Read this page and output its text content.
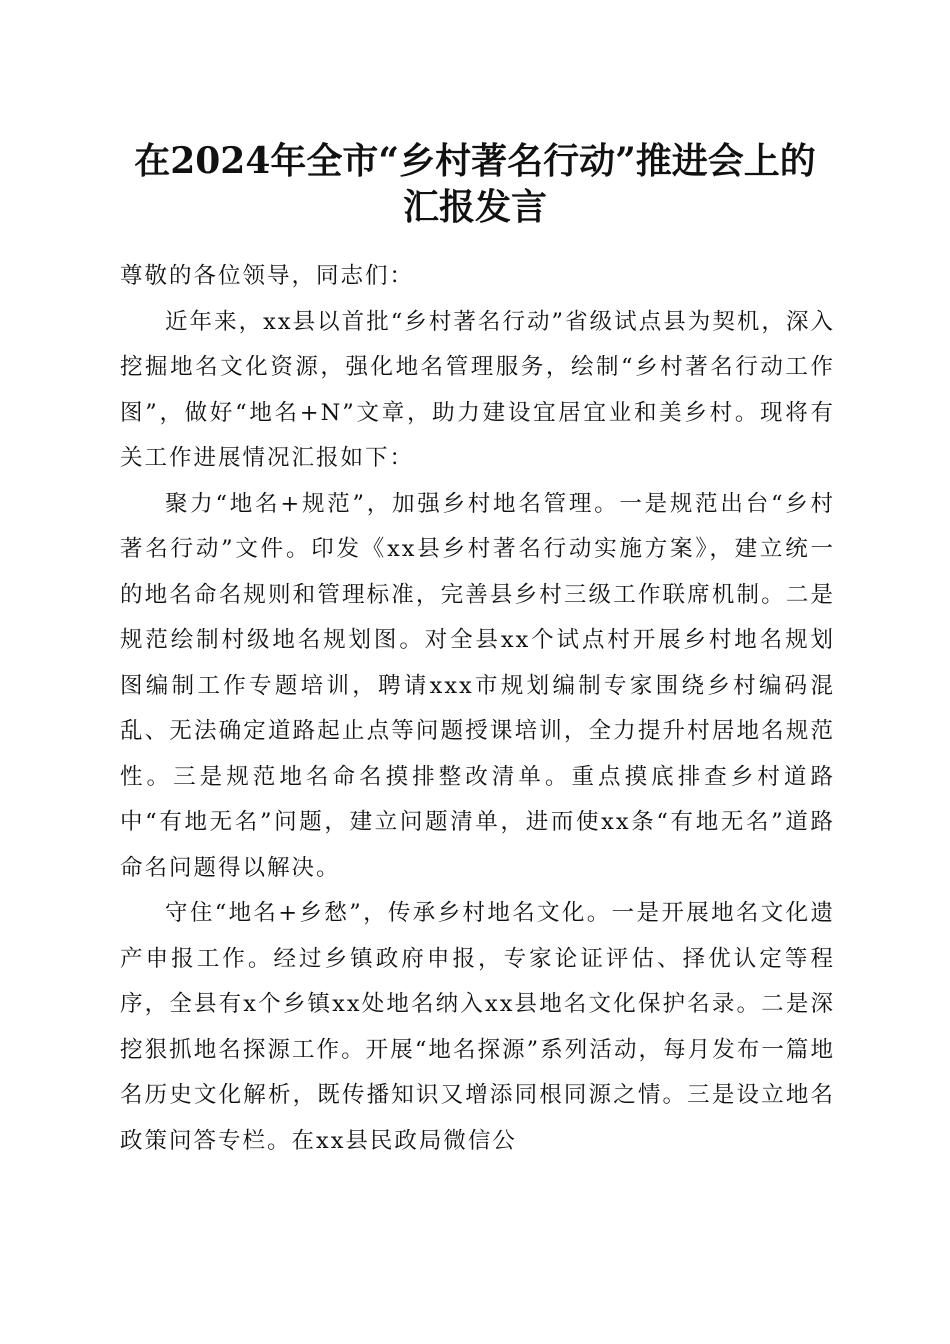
在2024年全市“乡村著名行动”推进会上的
汇报发言

尊敬的各位领导，同志们：

近年来，xx县以首批“乡村著名行动”省级试点县为契机，深入挖掘地名文化资源，强化地名管理服务，绘制“乡村著名行动工作图”，做好“地名+N”文章，助力建设宜居宜业和美乡村。现将有关工作进展情况汇报如下：

聚力“地名+规范”，加强乡村地名管理。一是规范出台“乡村著名行动”文件。印发《xx县乡村著名行动实施方案》，建立统一的地名命名规则和管理标准，完善县乡村三级工作联席机制。二是规范绘制村级地名规划图。对全县xx个试点村开展乡村地名规划图编制工作专题培训，聘请xxx市规划编制专家围绕乡村编码混乱、无法确定道路起止点等问题授课培训，全力提升村居地名规范性。三是规范地名命名摸排整改清单。重点摸底排查乡村道路中“有地无名”问题，建立问题清单，进而使xx条“有地无名”道路命名问题得以解决。

守住“地名+乡愁”，传承乡村地名文化。一是开展地名文化遗产申报工作。经过乡镇政府申报，专家论证评估、择优认定等程序，全县有x个乡镇xx处地名纳入xx县地名文化保护名录。二是深挖狠抓地名探源工作。开展“地名探源”系列活动，每月发布一篇地名历史文化解析，既传播知识又增添同根同源之情。三是设立地名政策问答专栏。在xx县民政局微信公
